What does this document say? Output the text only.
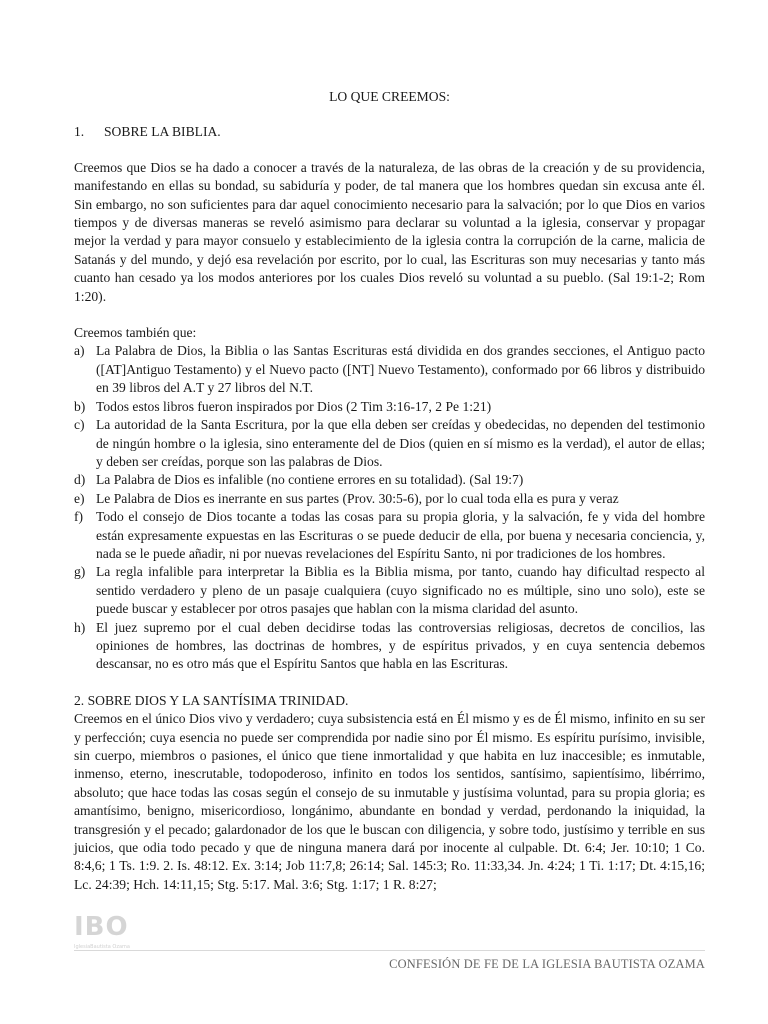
LO QUE CREEMOS:
1. SOBRE LA BIBLIA.

Creemos que Dios se ha dado a conocer a través de la naturaleza, de las obras de la creación y de su providencia, manifestando en ellas su bondad, su sabiduría y poder, de tal manera que los hombres quedan sin excusa ante él. Sin embargo, no son suficientes para dar aquel conocimiento necesario para la salvación; por lo que Dios en varios tiempos y de diversas maneras se reveló asimismo para declarar su voluntad a la iglesia, conservar y propagar mejor la verdad y para mayor consuelo y establecimiento de la iglesia contra la corrupción de la carne, malicia de Satanás y del mundo, y dejó esa revelación por escrito, por lo cual, las Escrituras son muy necesarias y tanto más cuanto han cesado ya los modos anteriores por los cuales Dios reveló su voluntad a su pueblo. (Sal 19:1-2; Rom 1:20).

Creemos también que:

a) La Palabra de Dios, la Biblia o las Santas Escrituras está dividida en dos grandes secciones, el Antiguo pacto ([AT]Antiguo Testamento) y el Nuevo pacto ([NT] Nuevo Testamento), conformado por 66 libros y distribuido en 39 libros del A.T y 27 libros del N.T.
b) Todos estos libros fueron inspirados por Dios (2 Tim 3:16-17, 2 Pe 1:21)
c) La autoridad de la Santa Escritura, por la que ella deben ser creídas y obedecidas, no dependen del testimonio de ningún hombre o la iglesia, sino enteramente del de Dios (quien en sí mismo es la verdad), el autor de ellas; y deben ser creídas, porque son las palabras de Dios.
d) La Palabra de Dios es infalible (no contiene errores en su totalidad). (Sal 19:7)
e) Le Palabra de Dios es inerrante en sus partes (Prov. 30:5-6), por lo cual toda ella es pura y veraz
f) Todo el consejo de Dios tocante a todas las cosas para su propia gloria, y la salvación, fe y vida del hombre están expresamente expuestas en las Escrituras o se puede deducir de ella, por buena y necesaria conciencia, y, nada se le puede añadir, ni por nuevas revelaciones del Espíritu Santo, ni por tradiciones de los hombres.
g) La regla infalible para interpretar la Biblia es la Biblia misma, por tanto, cuando hay dificultad respecto al sentido verdadero y pleno de un pasaje cualquiera (cuyo significado no es múltiple, sino uno solo), este se puede buscar y establecer por otros pasajes que hablan con la misma claridad del asunto.
h) El juez supremo por el cual deben decidirse todas las controversias religiosas, decretos de concilios, las opiniones de hombres, las doctrinas de hombres, y de espíritus privados, y en cuya sentencia debemos descansar, no es otro más que el Espíritu Santos que habla en las Escrituras.
2. SOBRE DIOS Y LA SANTÍSIMA TRINIDAD.

Creemos en el único Dios vivo y verdadero; cuya subsistencia está en Él mismo y es de Él mismo, infinito en su ser y perfección; cuya esencia no puede ser comprendida por nadie sino por Él mismo. Es espíritu purísimo, invisible, sin cuerpo, miembros o pasiones, el único que tiene inmortalidad y que habita en luz inaccesible; es inmutable, inmenso, eterno, inescrutable, todopoderoso, infinito en todos los sentidos, santísimo, sapientísimo, libérrimo, absoluto; que hace todas las cosas según el consejo de su inmutable y justísima voluntad, para su propia gloria; es amantísimo, benigno, misericordioso, longánimo, abundante en bondad y verdad, perdonando la iniquidad, la transgresión y el pecado; galardonador de los que le buscan con diligencia, y sobre todo, justísimo y terrible en sus juicios, que odia todo pecado y que de ninguna manera dará por inocente al culpable. Dt. 6:4; Jer. 10:10; 1 Co. 8:4,6; 1 Ts. 1:9. 2. Is. 48:12. Ex. 3:14; Job 11:7,8; 26:14; Sal. 145:3; Ro. 11:33,34. Jn. 4:24; 1 Ti. 1:17; Dt. 4:15,16; Lc. 24:39; Hch. 14:11,15; Stg. 5:17. Mal. 3:6; Stg. 1:17; 1 R. 8:27;

IBO
IglesiaBautista Ozama
CONFESIÓN DE FE DE LA IGLESIA BAUTISTA OZAMA
